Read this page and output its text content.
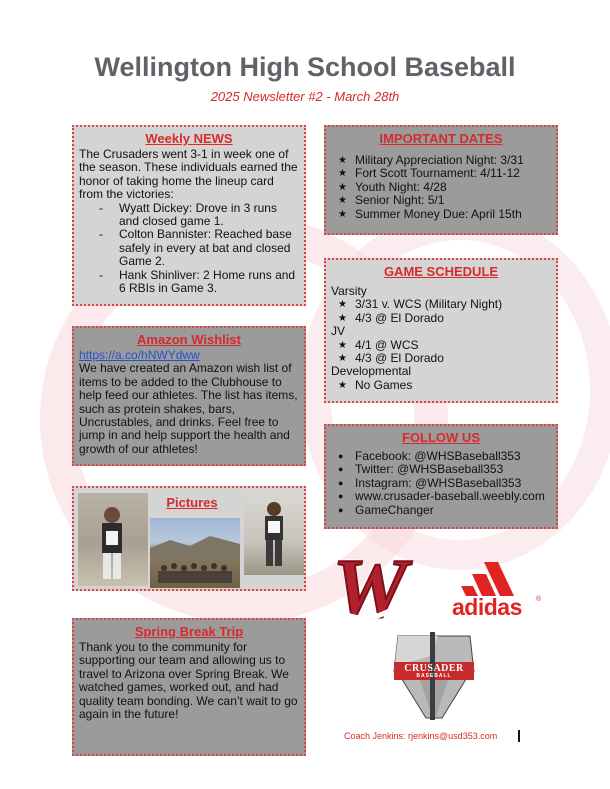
Wellington High School Baseball
2025 Newsletter #2 - March 28th
Weekly NEWS

The Crusaders went 3-1 in week one of the season. These individuals earned the honor of taking home the lineup card from the victories:

- Wyatt Dickey: Drove in 3 runs and closed game 1.
- Colton Bannister: Reached base safely in every at bat and closed Game 2.
- Hank Shinliver: 2 Home runs and 6 RBIs in Game 3.
Amazon Wishlist
https://a.co/hNWYdww

We have created an Amazon wish list of items to be added to the Clubhouse to help feed our athletes. The list has items, such as protein shakes, bars, Uncrustables, and drinks. Feel free to jump in and help support the health and growth of our athletes!

Pictures
Spring Break Trip

Thank you to the community for supporting our team and allowing us to travel to Arizona over Spring Break. We watched games, worked out, and had quality team bonding. We can’t wait to go again in the future!

IMPORTANT DATES
★ Military Appreciation Night: 3/31
★ Fort Scott Tournament: 4/11-12
★ Youth Night: 4/28
★ Senior Night: 5/1
★ Summer Money Due: April 15th
GAME SCHEDULE

Varsity

★ 3/31 v. WCS (Military Night)
★ 4/3 @ El Dorado

JV

★ 4/1 @ WCS
★ 4/3 @ El Dorado

Developmental

★ No Games
FOLLOW US
● Facebook: @WHSBaseball353
● Twitter: @WHSBaseball353
● Instagram: @WHSBaseball353
● www.crusader-baseball.weebly.com
● GameChanger
W adidas ®
CRUSADER
BASEBALL
Coach Jenkins: rjenkins@usd353.com
